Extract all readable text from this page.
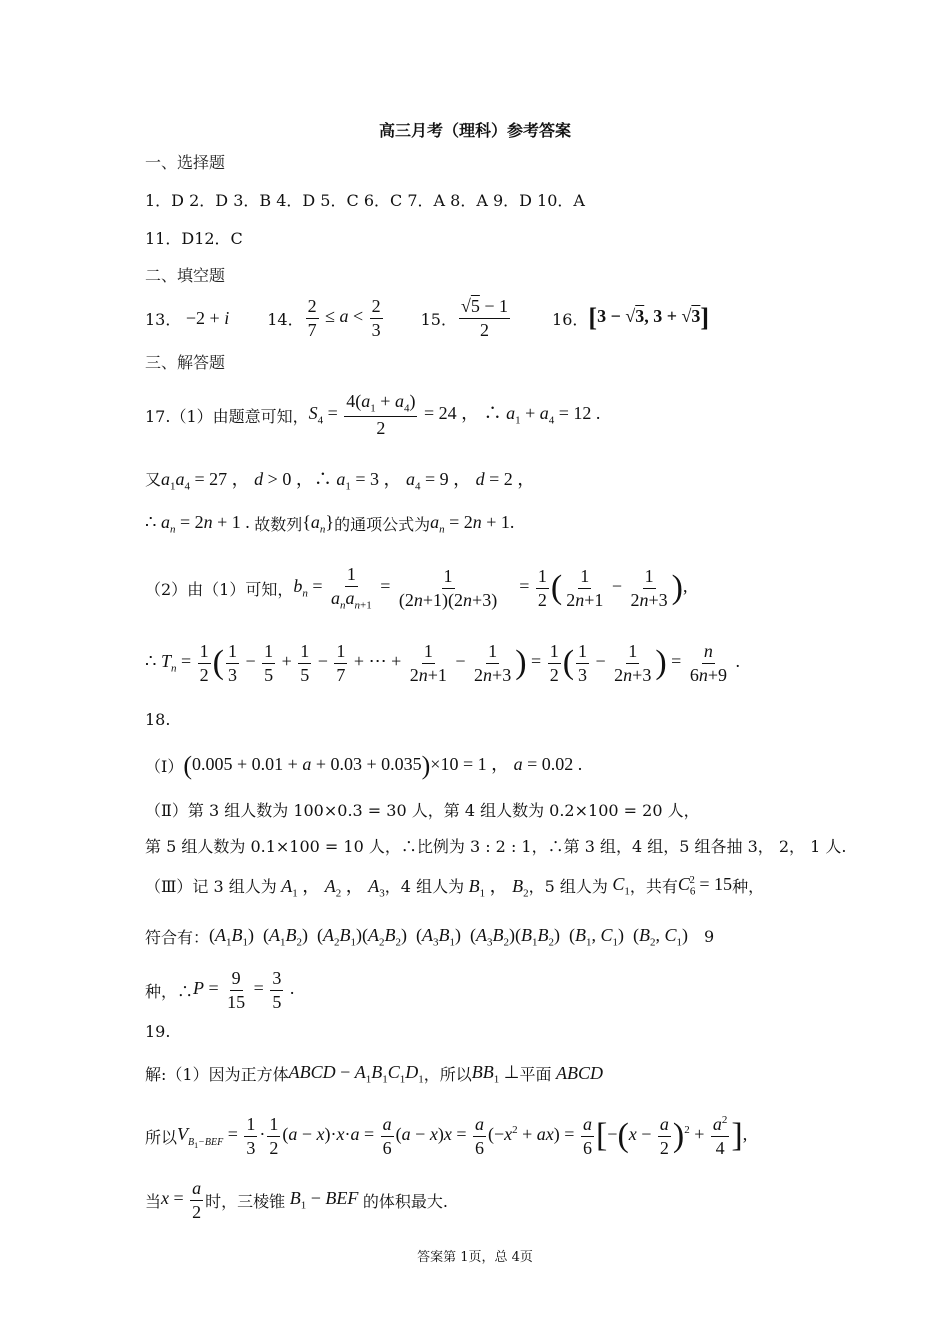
高三月考（理科）参考答案
一、选择题
1．D 2．D 3．B 4．D 5．C 6．C 7．A 8．A 9．D 10．A
11．D12．C
二、填空题
13． −2 + i 14． $\frac{2}{7} \le a < \frac{2}{3} 15$． $\frac{√5 - 1}{2}$	16． [3 − √3, 3 + √3]
三、解答题
17.（1）由题意可知， $S_4 = \frac{4(a_1 + a_4)}{2} = 24$ ， ∴ $a_1 + a_4 = 12$ .
又 $a_1a_4 = 27$ ， d > 0 ，∴ $a_1 = 3$ ， $a_4 = 9$ ， d = 2 ，
∴ $a_n = 2n + 1$ . 故数列 $\{a_n\}$ 的通项公式为 $a_n = 2n + 1$.
（2）由（1）可知， $b_n = \frac{1}{a_na_{n+1}} = \frac{1}{(2n+1)(2n+3)} = \frac{1}{2}$ ( $\frac{1}{2n+1} - \frac{1}{2n+3}$ ),
∴ $T_n = \frac{1}{2}$ ( $\frac{1}{3} - \frac{1}{5} + \frac{1}{5} - \frac{1}{7}$ + ⋯ + $\frac{1}{2n+1} - \frac{1}{2n+3}$ ) = $\frac{1}{2}$ ( $\frac{1}{3} - \frac{1}{2n+3}$ ) = $\frac{n}{6n+9}$ .
18.
（Ⅰ） (0.005 + 0.01 + a + 0.03 + 0.035)×10 = 1 ， a = 0.02 .
（Ⅱ）第 3 组人数为 100×0.3 = 30 人，第 4 组人数为 0.2×100 = 20 人，
第 5 组人数为 0.1×100 = 10 人，∴比例为 3 : 2 : 1，∴第 3 组，4 组，5 组各抽 3， 2， 1 人.
（Ⅲ）记 3 组人为 $A_1$ ， $A_2$ ， $A_3$ ，4 组人为 $B_1$ ， $B_2$ ，5 组人为 $C_1$ ，共有 $C_6^2 = 15$ 种，
符合有： $(A_1B_1)$  $(A_1B_2)$  $(A_2B_1)(A_2B_2)$  $(A_3B_1)$  $(A_3B_2)(B_1B_2)$  ($B_1$, $C_1$)  ($B_2$, $C_1$) 9
种，∴ $P = \frac{9}{15} = \frac{3}{5}$ .
19.
解:（1）因为正方体 ABCD − $A_1B_1C_1D_1$ ，所以 $BB_1$ ⊥ 平面 ABCD
所以 $V_{B_1-BEF} = \frac{1}{3} \cdot \frac{1}{2} (a - x)\cdot x\cdot a = \frac{a}{6} (a - x)x = \frac{a}{6} (-x^2 + ax) = \frac{a}{6} [-(x - \frac{a}{2} )^2 + \frac{a^2}{4}$ ],
当 $x = \frac{a}{2}$ 时，三棱锥 $B_1$ − BEF 的体积最大.
答案第 1页，总 4页
